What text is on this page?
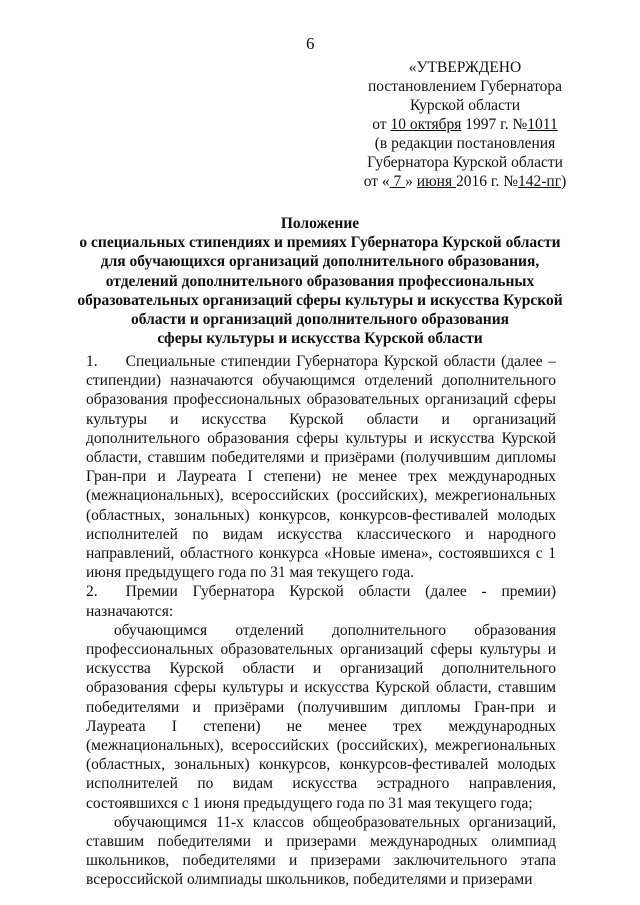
6
«УТВЕРЖДЕНО
постановлением Губернатора
Курской области
от 10 октября 1997 г. №1011
(в редакции постановления
Губернатора Курской области
от « 7 » июня 2016 г. №142-пг)
Положение
о специальных стипендиях и премиях Губернатора Курской области
для обучающихся организаций дополнительного образования,
отделений дополнительного образования профессиональных
образовательных организаций сферы культуры и искусства Курской
области и организаций дополнительного образования
сферы культуры и искусства Курской области

1. Специальные стипендии Губернатора Курской области (далее – стипендии) назначаются обучающимся отделений дополнительного образования профессиональных образовательных организаций сферы культуры и искусства Курской области и организаций дополнительного образования сферы культуры и искусства Курской области, ставшим победителями и призёрами (получившим дипломы Гран-при и Лауреата I степени) не менее трех международных (межнациональных), всероссийских (российских), межрегиональных (областных, зональных) конкурсов, конкурсов-фестивалей молодых исполнителей по видам искусства классического и народного направлений, областного конкурса «Новые имена», состоявшихся с 1 июня предыдущего года по 31 мая текущего года.

2. Премии Губернатора Курской области (далее - премии) назначаются:

обучающимся отделений дополнительного образования профессиональных образовательных организаций сферы культуры и искусства Курской области и организаций дополнительного образования сферы культуры и искусства Курской области, ставшим победителями и призёрами (получившим дипломы Гран-при и Лауреата I степени) не менее трех международных (межнациональных), всероссийских (российских), межрегиональных (областных, зональных) конкурсов, конкурсов-фестивалей молодых исполнителей по видам искусства эстрадного направления, состоявшихся с 1 июня предыдущего года по 31 мая текущего года;

обучающимся 11-х классов общеобразовательных организаций, ставшим победителями и призерами международных олимпиад школьников, победителями и призерами заключительного этапа всероссийской олимпиады школьников, победителями и призерами
